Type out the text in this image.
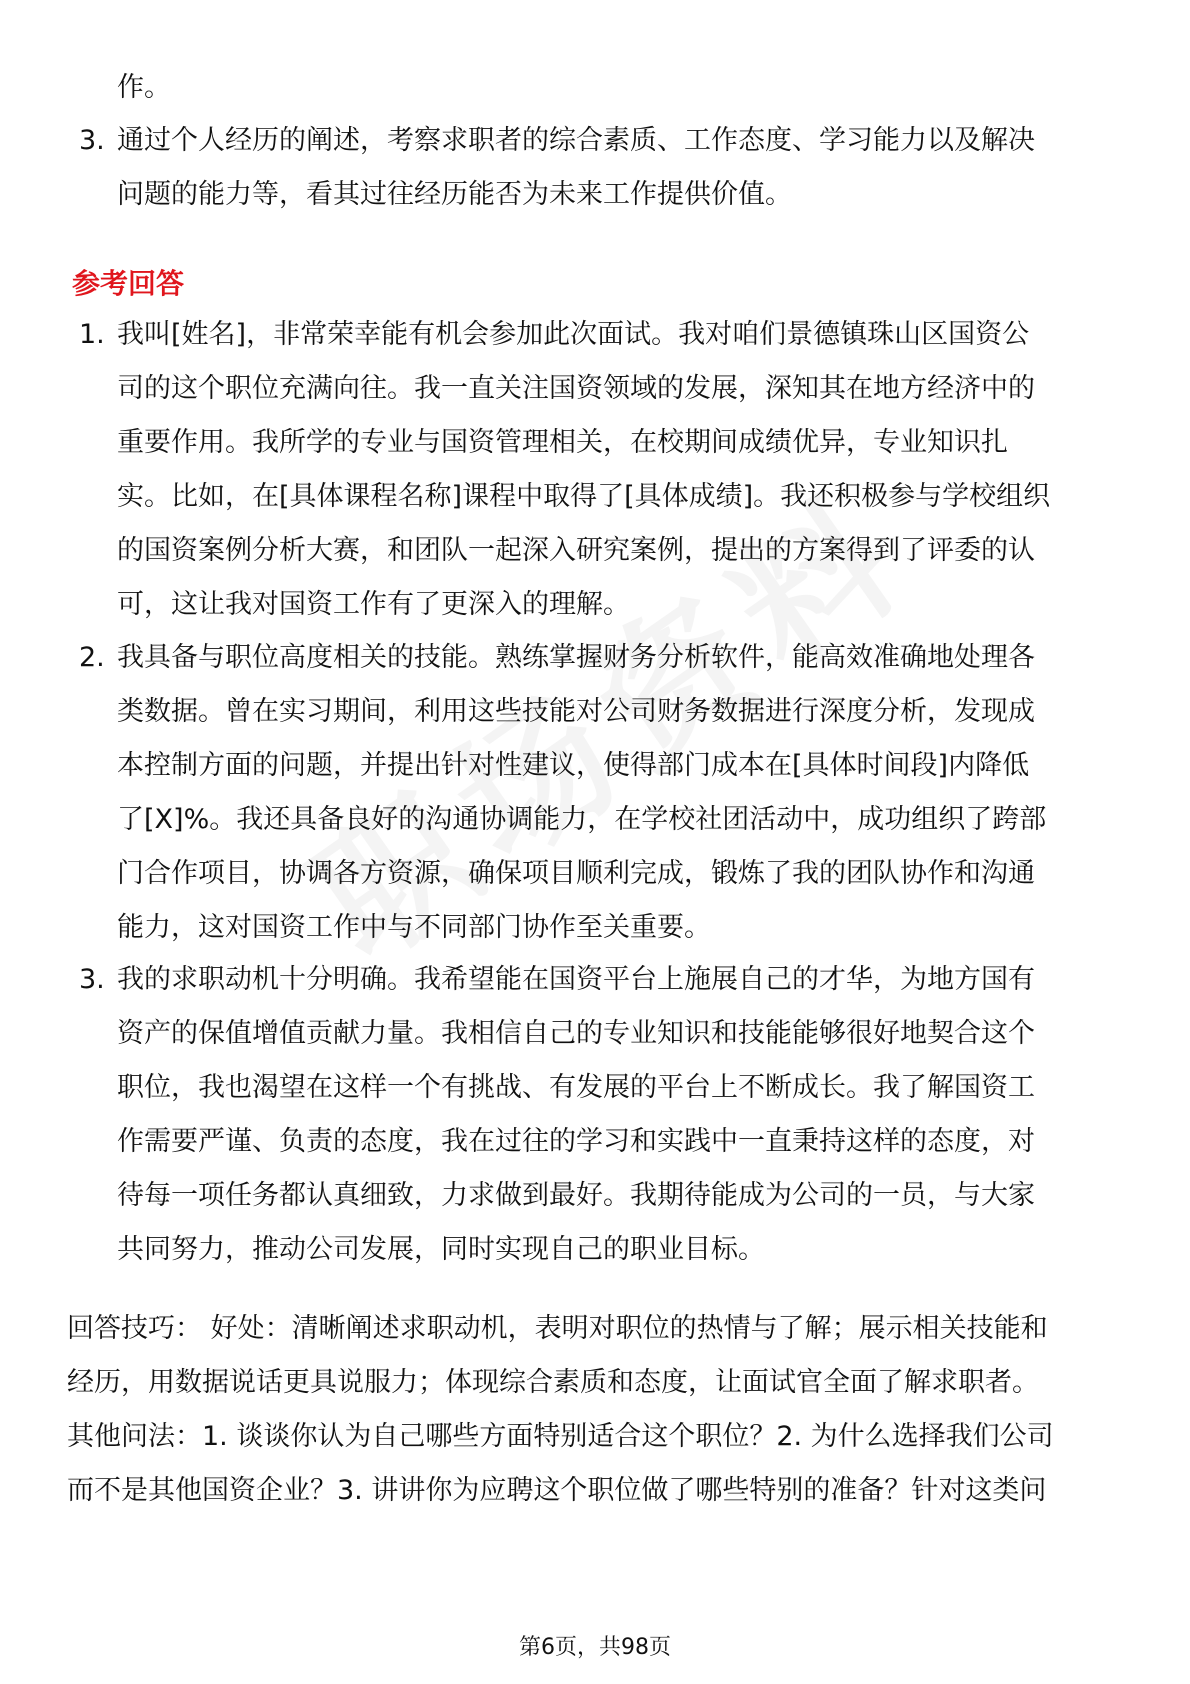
作。
3. 通过个人经历的阐述，考察求职者的综合素质、工作态度、学习能力以及解决
问题的能力等，看其过往经历能否为未来工作提供价值。
参考回答
1. 我叫[姓名]，非常荣幸能有机会参加此次面试。我对咱们景德镇珠山区国资公
司的这个职位充满向往。我一直关注国资领域的发展，深知其在地方经济中的
重要作用。我所学的专业与国资管理相关，在校期间成绩优异，专业知识扎
实。比如，在[具体课程名称]课程中取得了[具体成绩]。我还积极参与学校组织
的国资案例分析大赛，和团队一起深入研究案例，提出的方案得到了评委的认
可，这让我对国资工作有了更深入的理解。
2. 我具备与职位高度相关的技能。熟练掌握财务分析软件，能高效准确地处理各
类数据。曾在实习期间，利用这些技能对公司财务数据进行深度分析，发现成
本控制方面的问题，并提出针对性建议，使得部门成本在[具体时间段]内降低
了[X]%。我还具备良好的沟通协调能力，在学校社团活动中，成功组织了跨部
门合作项目，协调各方资源，确保项目顺利完成，锻炼了我的团队协作和沟通
能力，这对国资工作中与不同部门协作至关重要。
3. 我的求职动机十分明确。我希望能在国资平台上施展自己的才华，为地方国有
资产的保值增值贡献力量。我相信自己的专业知识和技能能够很好地契合这个
职位，我也渴望在这样一个有挑战、有发展的平台上不断成长。我了解国资工
作需要严谨、负责的态度，我在过往的学习和实践中一直秉持这样的态度，对
待每一项任务都认真细致，力求做到最好。我期待能成为公司的一员，与大家
共同努力，推动公司发展，同时实现自己的职业目标。
回答技巧： 好处：清晰阐述求职动机，表明对职位的热情与了解；展示相关技能和
经历，用数据说话更具说服力；体现综合素质和态度，让面试官全面了解求职者。
其他问法：1. 谈谈你认为自己哪些方面特别适合这个职位？2. 为什么选择我们公司
而不是其他国资企业？3. 讲讲你为应聘这个职位做了哪些特别的准备？针对这类问
第6页，共98页
